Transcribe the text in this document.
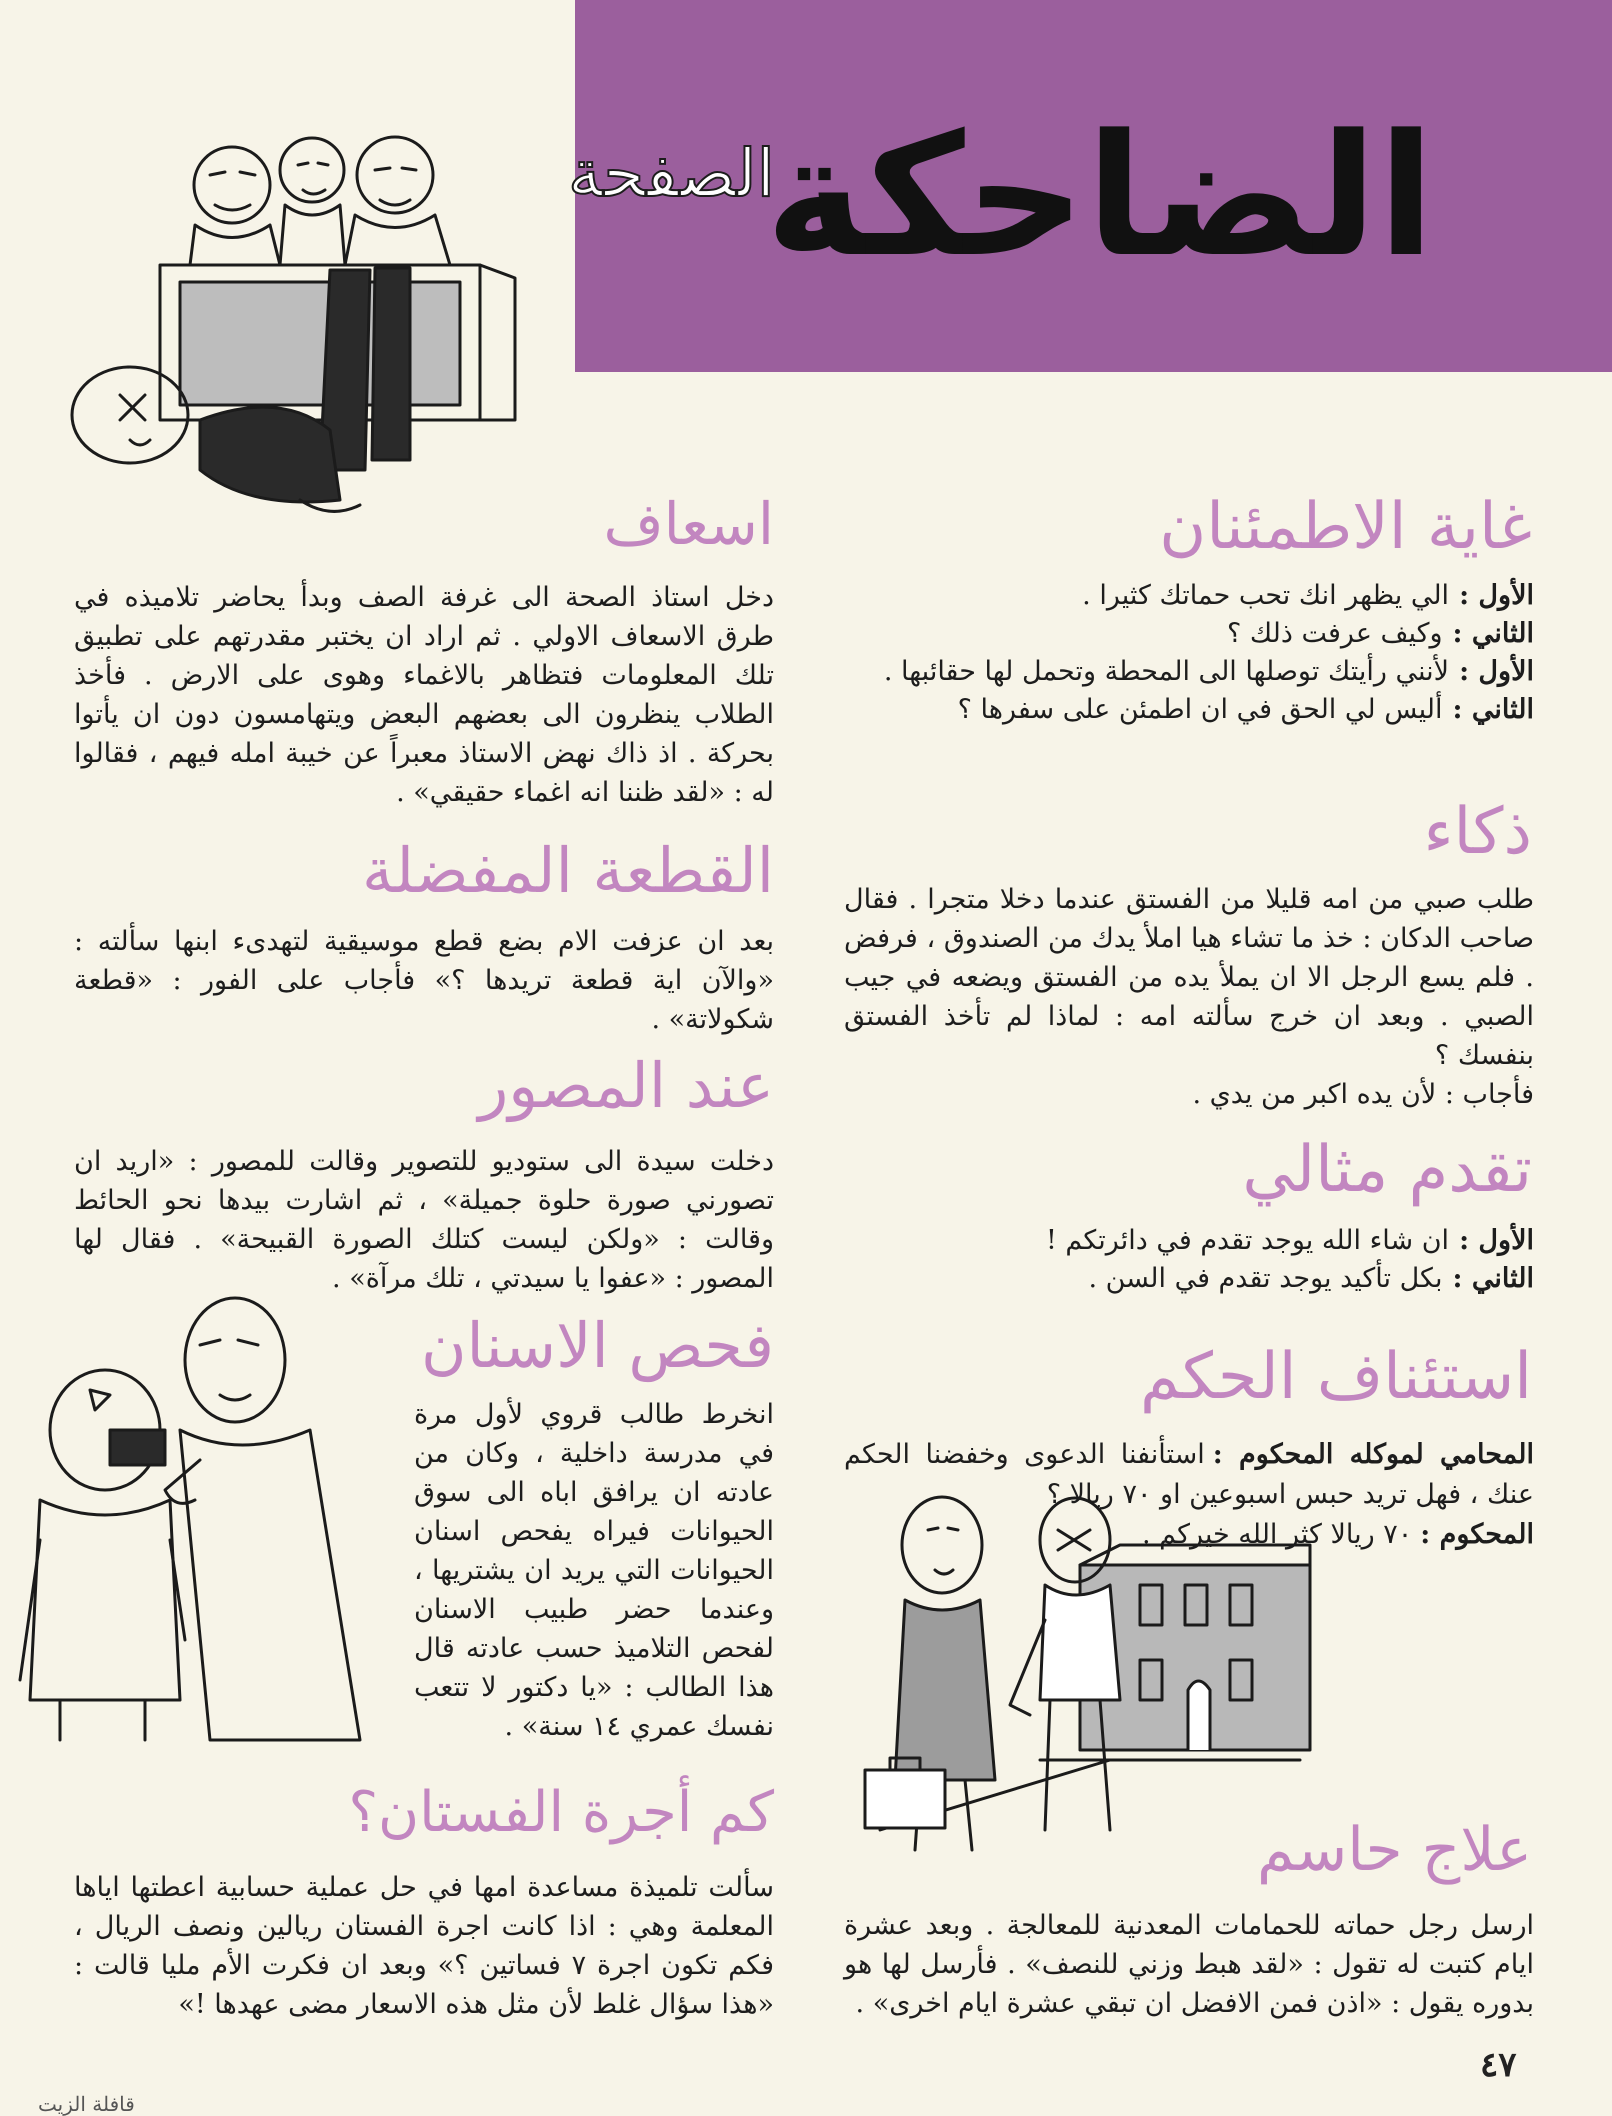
الصفحة
الضاحكة
غاية الاطمئنان
الأول :الي يظهر انك تحب حماتك كثيرا .
الثاني :وكيف عرفت ذلك ؟
الأول :لأنني رأيتك توصلها الى المحطة وتحمل لها حقائبها .
الثاني :أليس لي الحق في ان اطمئن على سفرها ؟
ذكاء

طلب صبي من امه قليلا من الفستق عندما دخلا متجرا . فقال صاحب الدكان : خذ ما تشاء هيا املأ يدك من الصندوق ، فرفض . فلم يسع الرجل الا ان يملأ يده من الفستق ويضعه في جيب الصبي . وبعد ان خرج سألته امه : لماذا لم تأخذ الفستق بنفسك ؟

فأجاب : لأن يده اكبر من يدي .

تقدم مثالي
الأول :ان شاء الله يوجد تقدم في دائرتكم !
الثاني :بكل تأكيد يوجد تقدم في السن .
استئناف الحكم

المحامي لموكله المحكوم :استأنفنا الدعوى وخفضنا الحكم عنك ، فهل تريد حبس اسبوعين او ٧٠ ريالا ؟

المحكوم :٧٠ ريالا كثر الله خيركم .

علاج حاسم

ارسل رجل حماته للحمامات المعدنية للمعالجة . وبعد عشرة ايام كتبت له تقول : «لقد هبط وزني للنصف» . فأرسل لها هو بدوره يقول : «اذن فمن الافضل ان تبقي عشرة ايام اخرى» .

٤٧
اسعاف

دخل استاذ الصحة الى غرفة الصف وبدأ يحاضر تلاميذه في طرق الاسعاف الاولي . ثم اراد ان يختبر مقدرتهم على تطبيق تلك المعلومات فتظاهر بالاغماء وهوى على الارض . فأخذ الطلاب ينظرون الى بعضهم البعض ويتهامسون دون ان يأتوا بحركة . اذ ذاك نهض الاستاذ معبراً عن خيبة امله فيهم ، فقالوا له : «لقد ظننا انه اغماء حقيقي» .

القطعة المفضلة

بعد ان عزفت الام بضع قطع موسيقية لتهدىء ابنها سألته : «والآن اية قطعة تريدها ؟» فأجاب على الفور : «قطعة شكولاتة» .

عند المصور

دخلت سيدة الى ستوديو للتصوير وقالت للمصور : «اريد ان تصورني صورة حلوة جميلة» ، ثم اشارت بيدها نحو الحائط وقالت : «ولكن ليست كتلك الصورة القبيحة» . فقال لها المصور : «عفوا يا سيدتي ، تلك مرآة» .

فحص الاسنان

انخرط طالب قروي لأول مرة في مدرسة داخلية ، وكان من عادته ان يرافق اباه الى سوق الحيوانات فيراه يفحص اسنان الحيوانات التي يريد ان يشتريها ، وعندما حضر طبيب الاسنان لفحص التلاميذ حسب عادته قال هذا الطالب : «يا دكتور لا تتعب نفسك عمري ١٤ سنة» .

كم أجرة الفستان؟

سألت تلميذة مساعدة امها في حل عملية حسابية اعطتها اياها المعلمة وهي : اذا كانت اجرة الفستان ريالين ونصف الريال ، فكم تكون اجرة ٧ فساتين ؟» وبعد ان فكرت الأم مليا قالت : «هذا سؤال غلط لأن مثل هذه الاسعار مضى عهدها !»

قافلة الزيت
